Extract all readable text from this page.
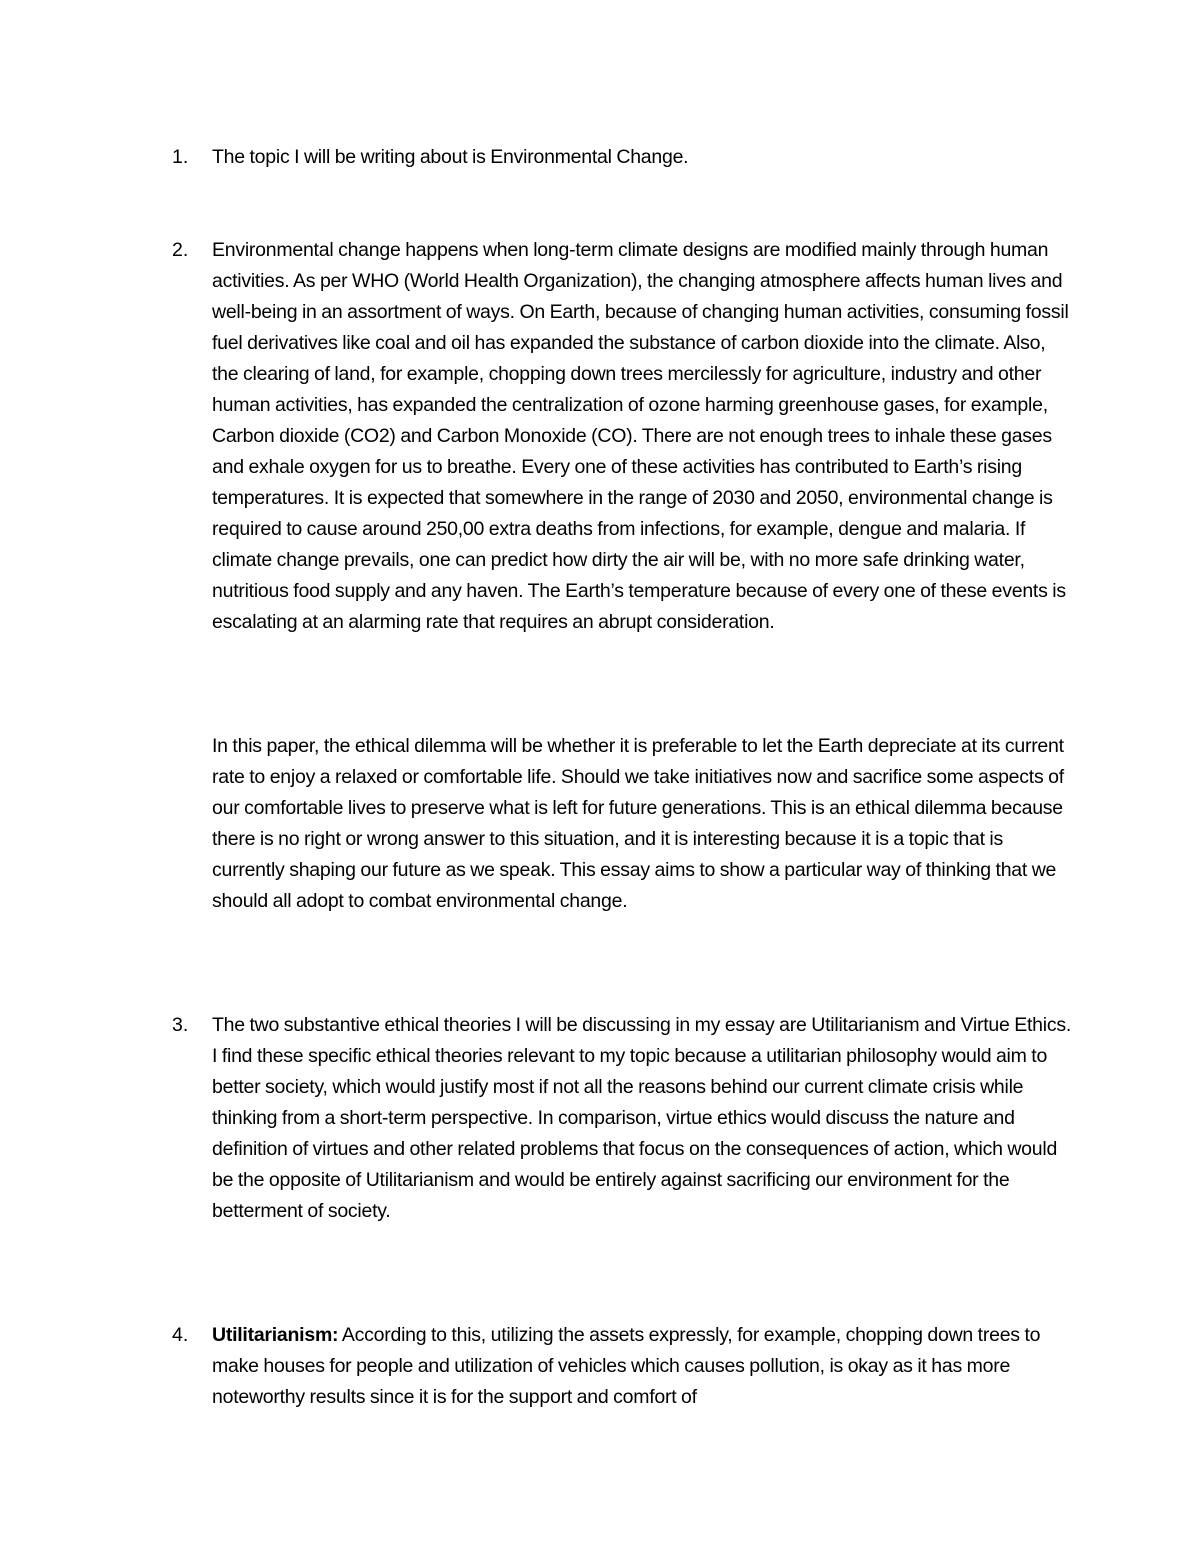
1.	The topic I will be writing about is Environmental Change.

2.	Environmental change happens when long-term climate designs are modified mainly through human activities. As per WHO (World Health Organization), the changing atmosphere affects human lives and well-being in an assortment of ways. On Earth, because of changing human activities, consuming fossil fuel derivatives like coal and oil has expanded the substance of carbon dioxide into the climate. Also, the clearing of land, for example, chopping down trees mercilessly for agriculture, industry and other human activities, has expanded the centralization of ozone harming greenhouse gases, for example, Carbon dioxide (CO2) and Carbon Monoxide (CO). There are not enough trees to inhale these gases and exhale oxygen for us to breathe. Every one of these activities has contributed to Earth’s rising temperatures. It is expected that somewhere in the range of 2030 and 2050, environmental change is required to cause around 250,00 extra deaths from infections, for example, dengue and malaria. If climate change prevails, one can predict how dirty the air will be, with no more safe drinking water, nutritious food supply and any haven. The Earth’s temperature because of every one of these events is escalating at an alarming rate that requires an abrupt consideration.

In this paper, the ethical dilemma will be whether it is preferable to let the Earth depreciate at its current rate to enjoy a relaxed or comfortable life. Should we take initiatives now and sacrifice some aspects of our comfortable lives to preserve what is left for future generations. This is an ethical dilemma because there is no right or wrong answer to this situation, and it is interesting because it is a topic that is currently shaping our future as we speak. This essay aims to show a particular way of thinking that we should all adopt to combat environmental change.

3.	The two substantive ethical theories I will be discussing in my essay are Utilitarianism and Virtue Ethics. I find these specific ethical theories relevant to my topic because a utilitarian philosophy would aim to better society, which would justify most if not all the reasons behind our current climate crisis while thinking from a short-term perspective. In comparison, virtue ethics would discuss the nature and definition of virtues and other related problems that focus on the consequences of action, which would be the opposite of Utilitarianism and would be entirely against sacrificing our environment for the betterment of society.

4.	Utilitarianism: According to this, utilizing the assets expressly, for example, chopping down trees to make houses for people and utilization of vehicles which causes pollution, is okay as it has more noteworthy results since it is for the support and comfort of
